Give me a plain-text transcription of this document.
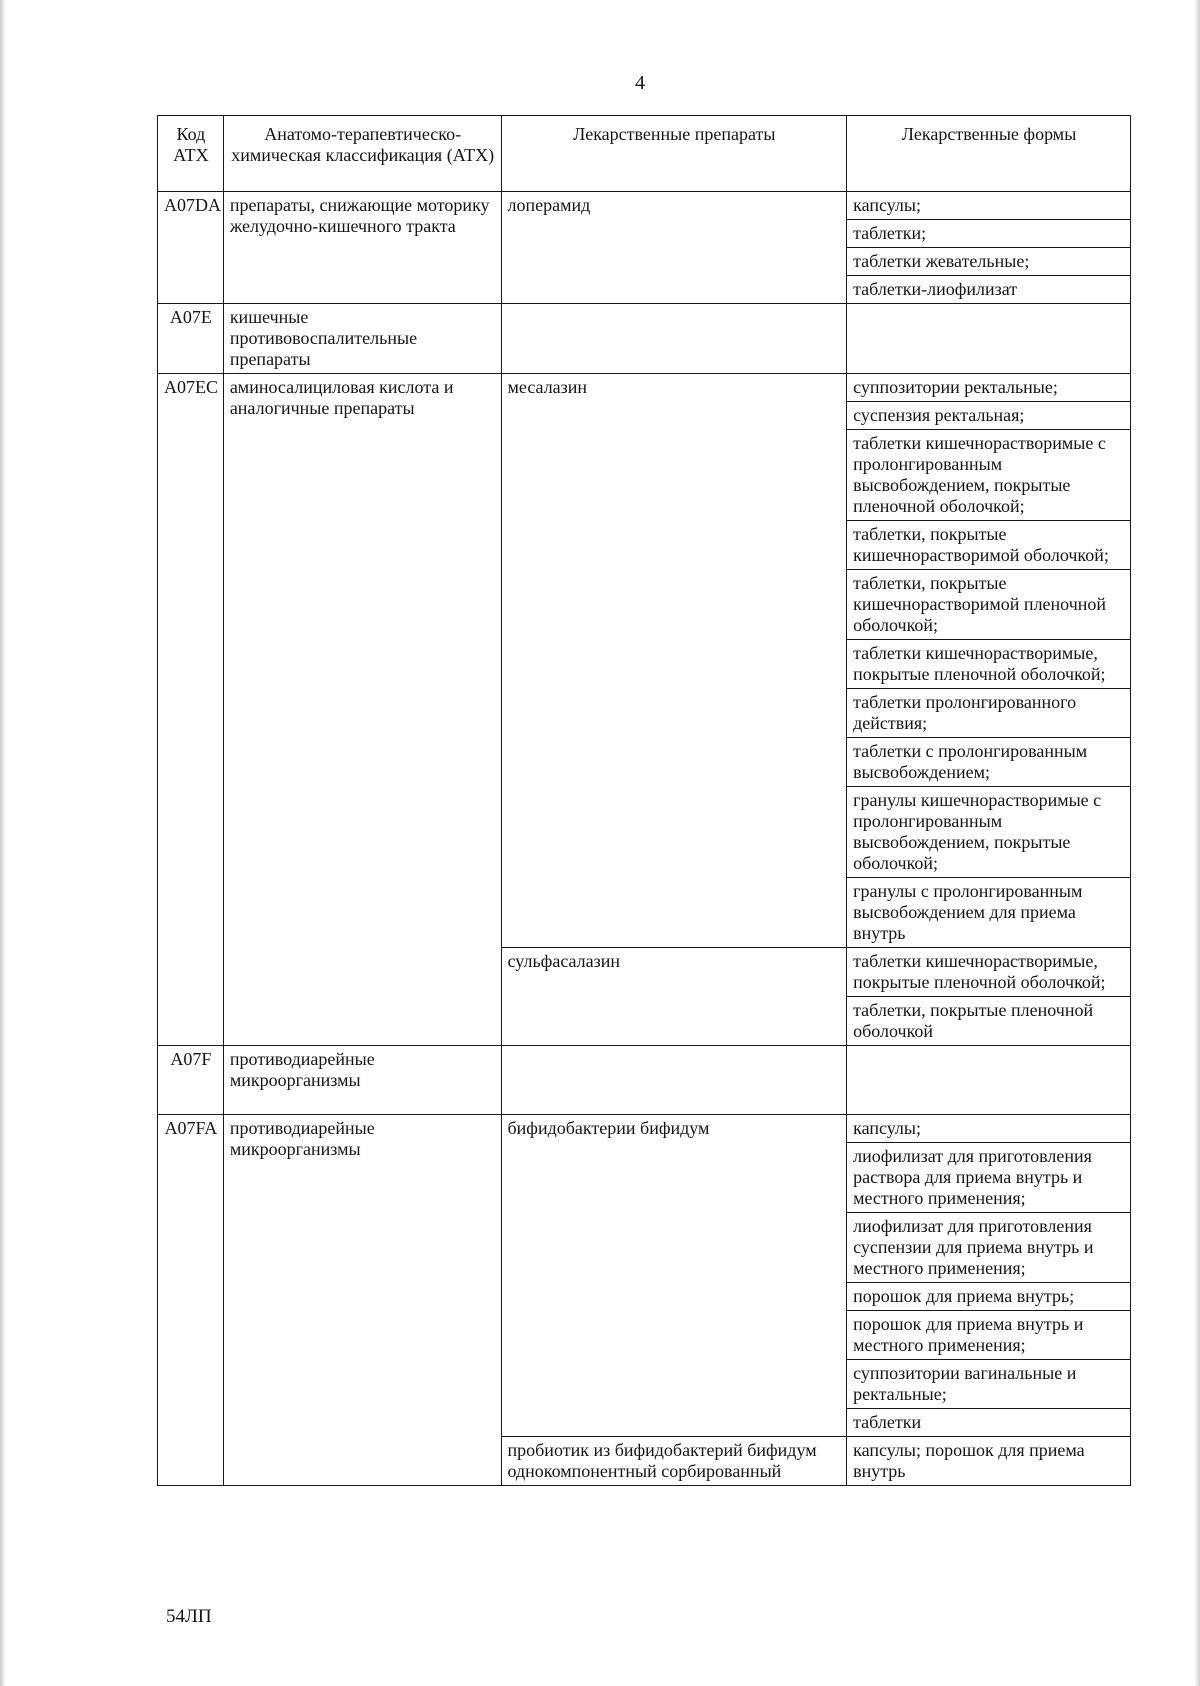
4
Код АТХ	Анатомо-терапевтическо-химическая классификация (АТХ)	Лекарственные препараты	Лекарственные формы
A07DA	препараты, снижающие моторику желудочно-кишечного тракта	лоперамид	капсулы;
			таблетки;
			таблетки жевательные;
			таблетки-лиофилизат
A07E	кишечные противовоспалительные препараты		
A07EC	аминосалициловая кислота и аналогичные препараты	месалазин	суппозитории ректальные;
			суспензия ректальная;
			таблетки кишечнорастворимые с пролонгированным высвобождением, покрытые пленочной оболочкой;
			таблетки, покрытые кишечнорастворимой оболочкой;
			таблетки, покрытые кишечнорастворимой пленочной оболочкой;
			таблетки кишечнорастворимые, покрытые пленочной оболочкой;
			таблетки пролонгированного действия;
			таблетки с пролонгированным высвобождением;
			гранулы кишечнорастворимые с пролонгированным высвобождением, покрытые оболочкой;
			гранулы с пролонгированным высвобождением для приема внутрь
		сульфасалазин	таблетки кишечнорастворимые, покрытые пленочной оболочкой;
			таблетки, покрытые пленочной оболочкой
A07F	противодиарейные микроорганизмы		
A07FA	противодиарейные микроорганизмы	бифидобактерии бифидум	капсулы;
			лиофилизат для приготовления раствора для приема внутрь и местного применения;
			лиофилизат для приготовления суспензии для приема внутрь и местного применения;
			порошок для приема внутрь;
			порошок для приема внутрь и местного применения;
			суппозитории вагинальные и ректальные;
			таблетки
		пробиотик из бифидобактерий бифидум однокомпонентный сорбированный	капсулы; порошок для приема внутрь
54ЛП
